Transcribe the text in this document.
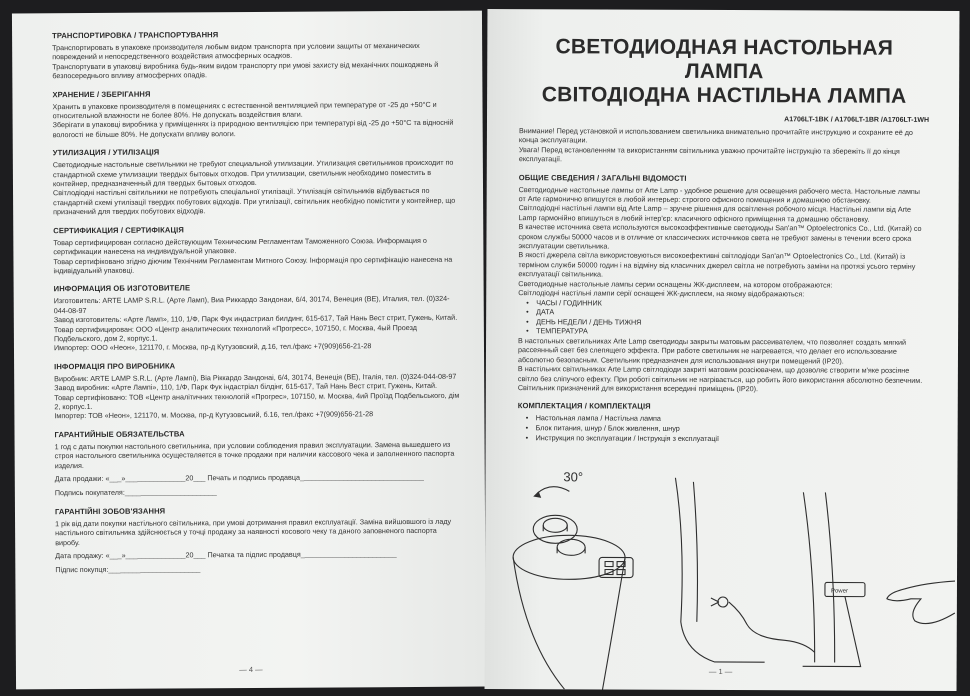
ТРАНСПОРТИРОВКА / ТРАНСПОРТУВАННЯ

Транспортировать в упаковке производителя любым видом транспорта при условии защиты от механических повреждений и непосредственного воздействия атмосферных осадков.

Транспортувати в упаковці виробника будь-яким видом транспорту при умові захисту від механічних пошкоджень й безпосереднього впливу атмосферних опадів.

ХРАНЕНИЕ / ЗБЕРІГАННЯ

Хранить в упаковке производителя в помещениях с естественной вентиляцией при температуре от -25 до +50°С и относительной влажности не более 80%. Не допускать воздействия влаги.

Зберігати в упаковці виробника у приміщеннях із природною вентиляцією при температурі від -25 до +50°С та відносній вологості не більше 80%. Не допускати впливу вологи.

УТИЛИЗАЦИЯ / УТИЛІЗАЦІЯ

Светодиодные настольные светильники не требуют специальной утилизации. Утилизация светильников происходит по стандартной схеме утилизации твердых бытовых отходов. При утилизации, светильник необходимо поместить в контейнер, предназначенный для твердых бытовых отходов.

Світлодіодні настільні світильники не потребують спеціальної утилізації. Утилізація світильників відбувається по стандартній схемі утилізації твердих побутових відходів. При утилізації, світильник необхідно помістити у контейнер, що призначений для твердих побутових відходів.

СЕРТИФИКАЦИЯ / СЕРТИФІКАЦІЯ

Товар сертифицирован согласно действующим Техническим Регламентам Таможенного Союза. Информация о сертификации нанесена на индивидуальной упаковке.

Товар сертифіковано згідно діючим Технічним Регламентам Митного Союзу. Інформація про сертифікацію нанесена на індивідуальній упаковці.

ИНФОРМАЦИЯ ОБ ИЗГОТОВИТЕЛЕ

Изготовитель: ARTE LAMP S.R.L. (Арте Ламп), Виа Риккардо Зандонаи, 6/4, 30174, Венеция (ВЕ), Италия, тел. (0)324-044-08-97

Завод изготовитель: «Арте Ламп», 110, 1/Ф, Парк Фук индастриал билдинг, 615-617, Тай Нань Вест стрит, Гужень, Китай.

Товар сертифицирован: ООО «Центр аналитических технологий «Прогресс», 107150, г. Москва, 4ый Проезд Подбельского, дом 2, корпус.1.

Импортер: ООО «Неон», 121170, г. Москва, пр-д Кутузовский, д.16, тел./факс +7(909)656-21-28

ІНФОРМАЦІЯ ПРО ВИРОБНИКА

Виробник: ARTE LAMP S.R.L. (Арте Лампі), Віа Ріккардо Зандонаі, 6/4, 30174, Венеція (ВЕ), Італія, тел. (0)324-044-08-97

Завод виробник: «Арте Лампі», 110, 1/Ф, Парк Фук індастріал білдінг, 615-617, Тай Нань Вест стрит, Гужень, Китай.

Товар сертифіковано: ТОВ «Центр аналітичних технологій «Прогрес», 107150, м. Москва, 4ий Проїзд Подбельського, дім 2, корпус.1.

Імпортер: ТОВ «Неон», 121170, м. Москва, пр-д Кутузовський, б.16, тел./факс +7(909)656-21-28

ГАРАНТИЙНЫЕ ОБЯЗАТЕЛЬСТВА

1 год с даты покупки настольного светильника, при условии соблюдения правил эксплуатации. Замена вышедшего из строя настольного светильника осуществляется в точке продажи при наличии кассового чека и заполненного паспорта изделия.

Дата продажи: «___»_______________20___ Печать и подпись продавца_______________________________

Подпись покупателя:_______________________

ГАРАНТІЙНІ ЗОБОВ'ЯЗАННЯ

1 рік від дати покупки настільного світильника, при умові дотримання правил експлуатації. Заміна вийшовшого із ладу настільного світильника здійснюється у точці продажу за наявності косового чеку та даного заповненого паспорта виробу.

Дата продажу: «___»_______________20___ Печатка та підпис продавця________________________

Підпис покупця:_______________________

— 4 —
СВЕТОДИОДНАЯ НАСТОЛЬНАЯ ЛАМПА
СВІТОДІОДНА НАСТІЛЬНА ЛАМПА
A1706LT-1BK / A1706LT-1BR /A1706LT-1WH

Внимание! Перед установкой и использованием светильника внимательно прочитайте инструкцию и сохраните её до конца эксплуатации.

Увага! Перед встановленням та використанням світильника уважно прочитайте інструкцію та збережіть її до кінця експлуатації.

ОБЩИЕ СВЕДЕНИЯ / ЗАГАЛЬНІ ВІДОМОСТІ

Светодиодные настольные лампы от Arte Lamp - удобное решение для освещения рабочего места. Настольные лампы от Arte гармонично впишутся в любой интерьер: строгого офисного помещения и домашнюю обстановку.

Світлодіодні настільні лампи від Arte Lamp – зручне рішення для освітлення робочого місця. Настільні лампи від Arte Lamp гармонійно впишуться в любий інтер'єр: класичного офісного приміщення та домашню обстановку.

В качестве источника света используются высокоэффективные светодиоды San'an™ Optoelectronics Co., Ltd. (Китай) со сроком службы 50000 часов и в отличие от классических источников света не требуют замены в течении всего срока эксплуатации светильника.

В якості джерела світла використовуються високоефективні світлодіоди San'an™ Optoelectronics Co., Ltd. (Китай) із терміном служби 50000 годин і на відміну від класичних джерел світла не потребують заміни на протязі усього терміну експлуатації світильника.

Светодиодные настольные лампы серии оснащены ЖК-дисплеем, на котором отображаются:

Світлодіодні настільні лампи серії оснащені ЖК-дисплеєм, на якому відображаються:

• ЧАСЫ / ГОДИННИК
• ДАТА
• ДЕНЬ НЕДЕЛИ / ДЕНЬ ТИЖНЯ
• ТЕМПЕРАТУРА

В настольных светильниках Arte Lamp светодиоды закрыты матовым рассеивателем, что позволяет создать мягкий рассеянный свет без слепящего эффекта. При работе светильник не нагревается, что делает его использование абсолютно безопасным. Светильник предназначен для использования внутри помещений (IP20).

В настільних світильниках Arte Lamp світлодіоди закриті матовим розсіювачем, що дозволяє створити м'яке розсіяне світло без сліпучого ефекту. При роботі світильник не нагрівається, що робить його використання абсолютно безпечним. Світильник призначений для використання всередині приміщень (IP20).

КОМПЛЕКТАЦИЯ / КОМПЛЕКТАЦІЯ
• Настольная лампа / Настільна лампа
• Блок питания, шнур / Блок живлення, шнур
• Инструкция по эксплуатации / Інструкція з експлуатації
30°
Power
— 1 —
